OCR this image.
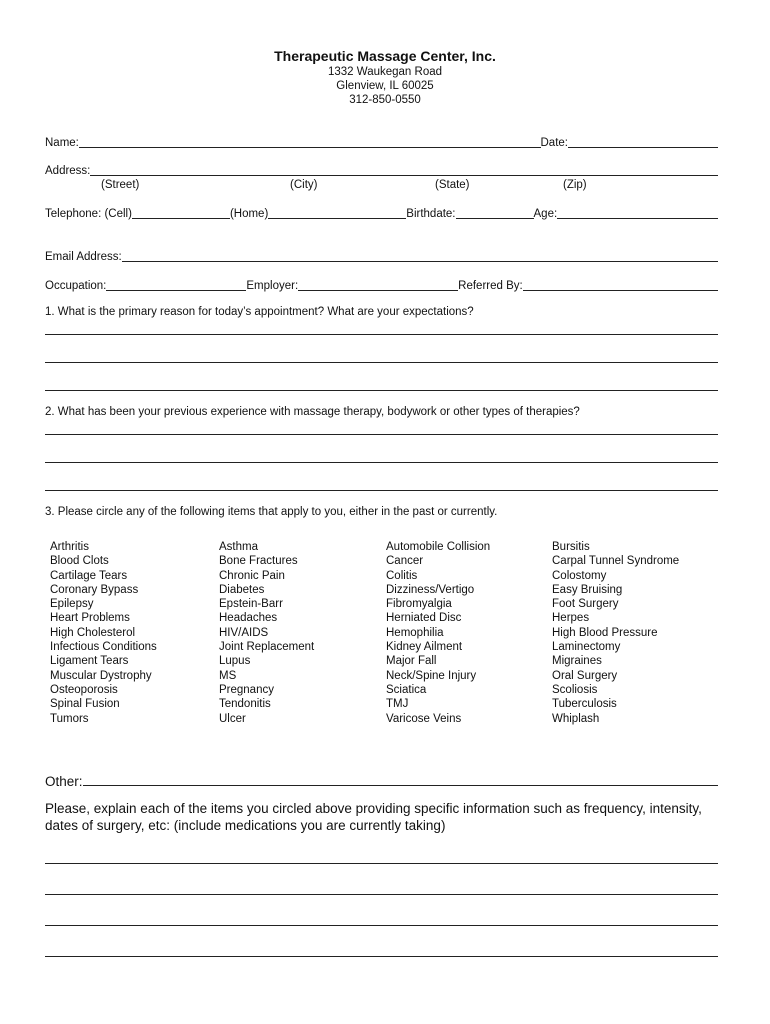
Therapeutic Massage Center, Inc.
1332 Waukegan Road
Glenview, IL 60025
312-850-0550
Name:	Date:
Address:
(Street)	(City)	(State)	(Zip)
Telephone: (Cell)	(Home)	Birthdate:	Age:
Email Address:
Occupation:	Employer:	Referred By:
1. What is the primary reason for today’s appointment? What are your expectations?
2. What has been your previous experience with massage therapy, bodywork or other types of therapies?
3. Please circle any of the following items that apply to you, either in the past or currently.
Arthritis
Blood Clots
Cartilage Tears
Coronary Bypass
Epilepsy
Heart Problems
High Cholesterol
Infectious Conditions
Ligament Tears
Muscular Dystrophy
Osteoporosis
Spinal Fusion
Tumors
Asthma
Bone Fractures
Chronic Pain
Diabetes
Epstein-Barr
Headaches
HIV/AIDS
Joint Replacement
Lupus
MS
Pregnancy
Tendonitis
Ulcer
Automobile Collision
Cancer
Colitis
Dizziness/Vertigo
Fibromyalgia
Herniated Disc
Hemophilia
Kidney Ailment
Major Fall
Neck/Spine Injury
Sciatica
TMJ
Varicose Veins
Bursitis
Carpal Tunnel Syndrome
Colostomy
Easy Bruising
Foot Surgery
Herpes
High Blood Pressure
Laminectomy
Migraines
Oral Surgery
Scoliosis
Tuberculosis
Whiplash
Other:
Please, explain each of the items you circled above providing specific information such as frequency, intensity, dates of surgery, etc: (include medications you are currently taking)
